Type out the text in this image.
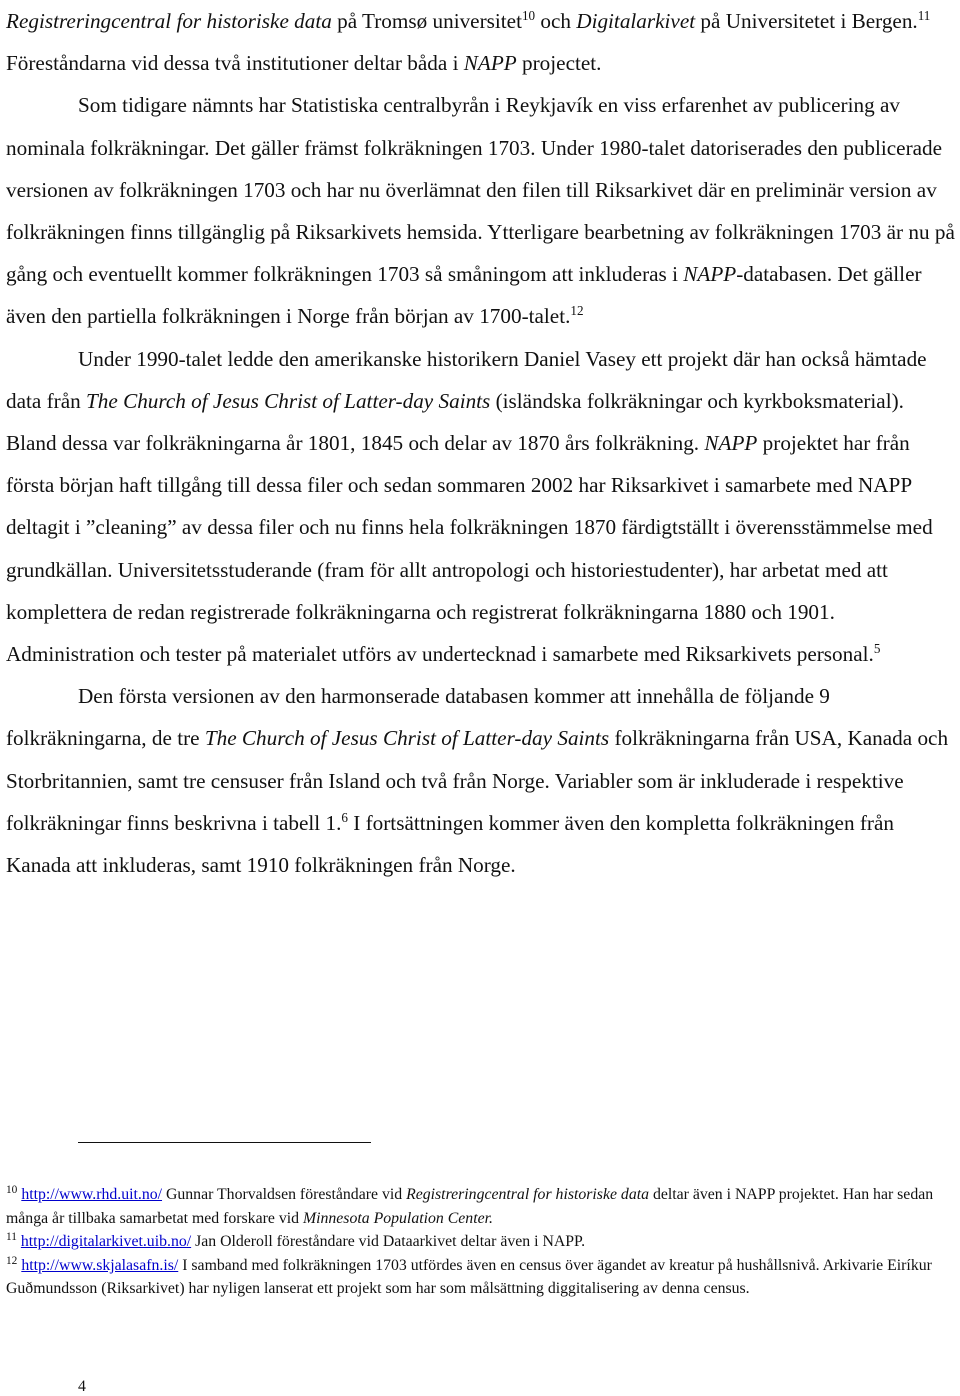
Registreringcentral for historiske data på Tromsø universitet$^{10}$ och Digitalarkivet på Universitetet i Bergen.$^{11}$ Föreståndarna vid dessa två institutioner deltar båda i NAPP projectet.

Som tidigare nämnts har Statistiska centralbyrån i Reykjavík en viss erfarenhet av publicering av nominala folkräkningar. Det gäller främst folkräkningen 1703. Under 1980-talet datoriserades den publicerade versionen av folkräkningen 1703 och har nu överlämnat den filen till Riksarkivet där en preliminär version av folkräkningen finns tillgänglig på Riksarkivets hemsida. Ytterligare bearbetning av folkräkningen 1703 är nu på gång och eventuellt kommer folkräkningen 1703 så småningom att inkluderas i NAPP-databasen. Det gäller även den partiella folkräkningen i Norge från början av 1700-talet.$^{12}$

Under 1990-talet ledde den amerikanske historikern Daniel Vasey ett projekt där han också hämtade data från The Church of Jesus Christ of Latter-day Saints (isländska folkräkningar och kyrkboksmaterial). Bland dessa var folkräkningarna år 1801, 1845 och delar av 1870 års folkräkning. NAPP projektet har från första början haft tillgång till dessa filer och sedan sommaren 2002 har Riksarkivet i samarbete med NAPP deltagit i ”cleaning” av dessa filer och nu finns hela folkräkningen 1870 färdigtställt i överensstämmelse med grundkällan. Universitetsstuderande (fram för allt antropologi och historiestudenter), har arbetat med att komplettera de redan registrerade folkräkningarna och registrerat folkräkningarna 1880 och 1901. Administration och tester på materialet utförs av undertecknad i samarbete med Riksarkivets personal.$^5$

Den första versionen av den harmonserade databasen kommer att innehålla de följande 9 folkräkningarna, de tre The Church of Jesus Christ of Latter-day Saints folkräkningarna från USA, Kanada och Storbritannien, samt tre censuser från Island och två från Norge. Variabler som är inkluderade i respektive folkräkningar finns beskrivna i tabell 1.$^6$ I fortsättningen kommer även den kompletta folkräkningen från Kanada att inkluderas, samt 1910 folkräkningen från Norge.

$^{10}$ http://www.rhd.uit.no/ Gunnar Thorvaldsen föreståndare vid Registreringcentral for historiske data deltar även i NAPP projektet. Han har sedan många år tillbaka samarbetat med forskare vid Minnesota Population Center.

$^{11}$ http://digitalarkivet.uib.no/ Jan Olderoll föreståndare vid Dataarkivet deltar även i NAPP.

$^{12}$ http://www.skjalasafn.is/ I samband med folkräkningen 1703 utfördes även en census över ägandet av kreatur på hushållsnivå. Arkivarie Eiríkur Guðmundsson (Riksarkivet) har nyligen lanserat ett projekt som har som målsättning diggitalisering av denna census.

4
